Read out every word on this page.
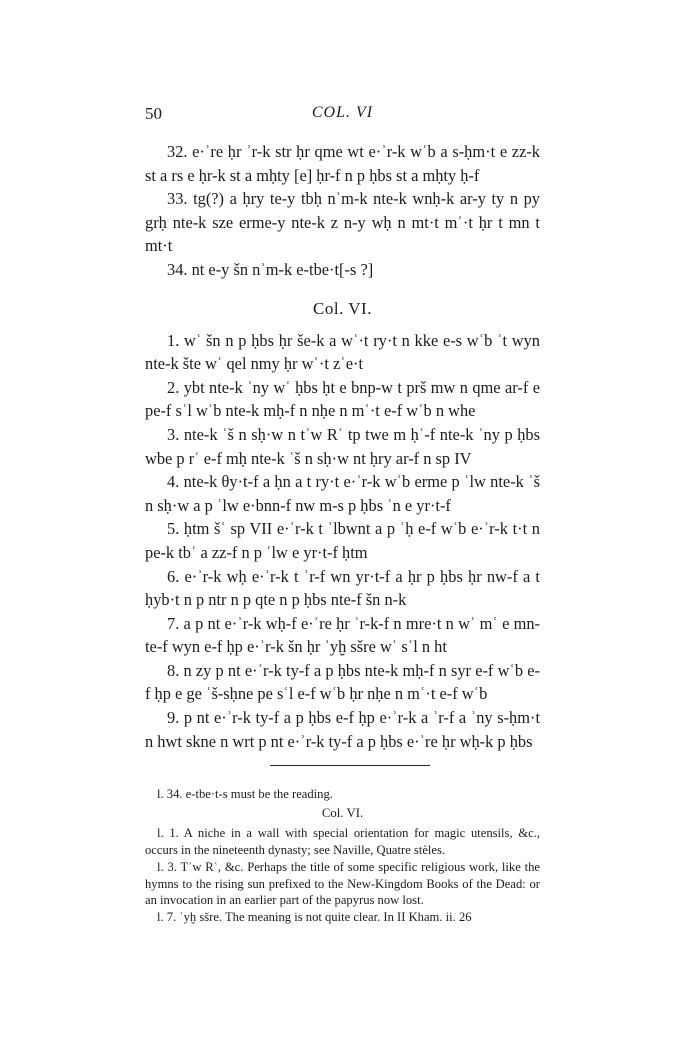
50	COL. VI

32. e·ʾre ḥr ʾr-k str ḥr qme wt e·ʾr-k wʿb a s-ḥm·t e zz-k st a rs e ḥr-k st a mḥty [e] ḥr-f n p ḥbs st a mḥty ḥ-f

33. tg(?) a ḥry te-y tbḥ nʾm-k nte-k wnḥ-k ar-y ty n py grḥ nte-k sze erme-y nte-k z n-y wḥ n mt·t mʿ·t ḥr t mn t mt·t

34. nt e-y šn nʾm-k e-tbe·t[-s ?]

Col. VI.

1. wʿ šn n p ḥbs ḥr še-k a wʿ·t ry·t n kke e-s wʿb ʾt wyn nte-k šte wʿ qel nmy ḥr wʿ·t zʿe·t

2. ybt nte-k ʾny wʿ ḥbs ḥt e bnp-w t prš mw n qme ar-f e pe-f sʿl wʿb nte-k mḥ-f n nḥe n mʿ·t e-f wʿb n whe

3. nte-k ʿš n sḥ·w n tʾw Rʿ tp twe m ḥʿ-f nte-k ʾny p ḥbs wbe p rʿ e-f mḥ nte-k ʿš n sḥ·w nt ḥry ar-f n sp IV

4. nte-k θy·t-f a ḥn a t ry·t e·ʾr-k wʿb erme p ʿlw nte-k ʿš n sḥ·w a p ʿlw e·bnn-f nw m-s p ḥbs ʿn e yr·t-f

5. ḥtm šʿ sp VII e·ʾr-k t ʾlbwnt a p ʿḥ e-f wʿb e·ʾr-k t·t n pe-k tbʿ a zz-f n p ʿlw e yr·t-f ḥtm

6. e·ʾr-k wḥ e·ʾr-k t ʾr-f wn yr·t-f a ḥr p ḥbs ḥr nw-f a t ḥyb·t n p ntr n p qte n p ḥbs nte-f šn n-k

7. a p nt e·ʾr-k wḥ-f e·ʾre ḥr ʾr-k-f n mre·t n wʿ mʿ e mn-te-f wyn e-f ḥp e·ʾr-k šn ḥr ʾyḫ sšre wʿ sʿl n ht

8. n zy p nt e·ʾr-k ty-f a p ḥbs nte-k mḥ-f n syr e-f wʿb e-f ḥp e ge ʿš-sḥne pe sʿl e-f wʿb ḥr nḥe n mʿ·t e-f wʿb

9. p nt e·ʾr-k ty-f a p ḥbs e-f ḥp e·ʾr-k a ʾr-f a ʾny s-ḥm·t n hwt skne n wrt p nt e·ʾr-k ty-f a p ḥbs e·ʾre ḥr wḥ-k p ḥbs

l. 34. e-tbe·t-s must be the reading.

Col. VI.

l. 1. A niche in a wall with special orientation for magic utensils, &c., occurs in the nineteenth dynasty; see Naville, Quatre stèles.

l. 3. Tʾw Rʿ, &c. Perhaps the title of some specific religious work, like the hymns to the rising sun prefixed to the New-Kingdom Books of the Dead: or an invocation in an earlier part of the papyrus now lost.

l. 7. ʾyḫ sšre. The meaning is not quite clear. In II Kham. ii. 26
